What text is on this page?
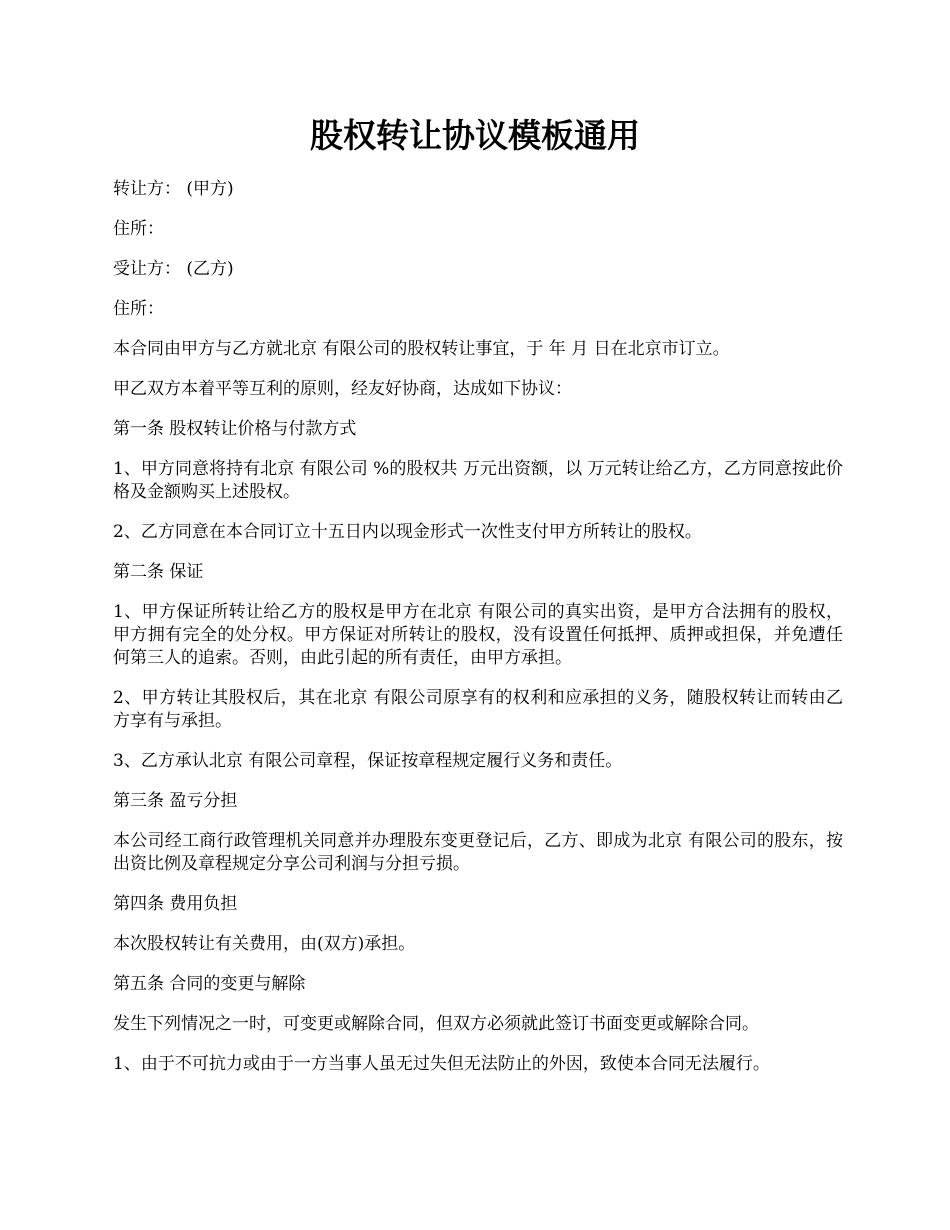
股权转让协议模板通用

转让方： (甲方)

住所：

受让方： (乙方)

住所：

本合同由甲方与乙方就北京 有限公司的股权转让事宜，于 年 月 日在北京市订立。

甲乙双方本着平等互利的原则，经友好协商，达成如下协议：

第一条 股权转让价格与付款方式

1、甲方同意将持有北京 有限公司 %的股权共 万元出资额，以 万元转让给乙方，乙方同意按此价格及金额购买上述股权。

2、乙方同意在本合同订立十五日内以现金形式一次性支付甲方所转让的股权。

第二条 保证

1、甲方保证所转让给乙方的股权是甲方在北京 有限公司的真实出资，是甲方合法拥有的股权，甲方拥有完全的处分权。甲方保证对所转让的股权，没有设置任何抵押、质押或担保，并免遭任何第三人的追索。否则，由此引起的所有责任，由甲方承担。

2、甲方转让其股权后，其在北京 有限公司原享有的权利和应承担的义务，随股权转让而转由乙方享有与承担。

3、乙方承认北京 有限公司章程，保证按章程规定履行义务和责任。

第三条 盈亏分担

本公司经工商行政管理机关同意并办理股东变更登记后，乙方、即成为北京 有限公司的股东，按出资比例及章程规定分享公司利润与分担亏损。

第四条 费用负担

本次股权转让有关费用，由(双方)承担。

第五条 合同的变更与解除

发生下列情况之一时，可变更或解除合同，但双方必须就此签订书面变更或解除合同。

1、由于不可抗力或由于一方当事人虽无过失但无法防止的外因，致使本合同无法履行。
